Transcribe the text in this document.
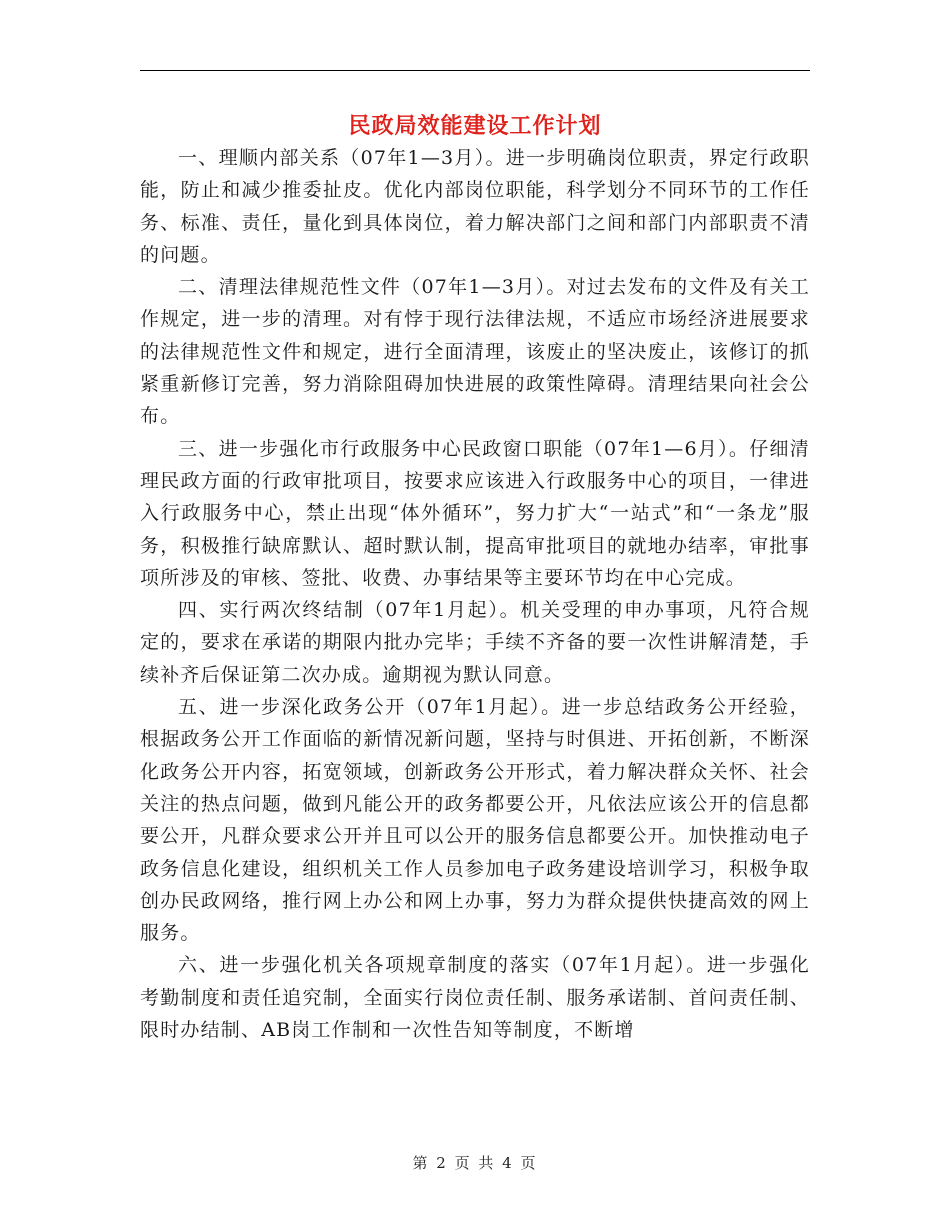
民政局效能建设工作计划

一、理顺内部关系（07年1—3月）。进一步明确岗位职责，界定行政职能，防止和减少推委扯皮。优化内部岗位职能，科学划分不同环节的工作任务、标准、责任，量化到具体岗位，着力解决部门之间和部门内部职责不清的问题。

二、清理法律规范性文件（07年1—3月）。对过去发布的文件及有关工作规定，进一步的清理。对有悖于现行法律法规，不适应市场经济进展要求的法律规范性文件和规定，进行全面清理，该废止的坚决废止，该修订的抓紧重新修订完善，努力消除阻碍加快进展的政策性障碍。清理结果向社会公布。

三、进一步强化市行政服务中心民政窗口职能（07年1—6月）。仔细清理民政方面的行政审批项目，按要求应该进入行政服务中心的项目，一律进入行政服务中心，禁止出现“体外循环”，努力扩大“一站式”和“一条龙”服务，积极推行缺席默认、超时默认制，提高审批项目的就地办结率，审批事项所涉及的审核、签批、收费、办事结果等主要环节均在中心完成。

四、实行两次终结制（07年1月起）。机关受理的申办事项，凡符合规定的，要求在承诺的期限内批办完毕；手续不齐备的要一次性讲解清楚，手续补齐后保证第二次办成。逾期视为默认同意。

五、进一步深化政务公开（07年1月起）。进一步总结政务公开经验，根据政务公开工作面临的新情况新问题，坚持与时俱进、开拓创新，不断深化政务公开内容，拓宽领域，创新政务公开形式，着力解决群众关怀、社会关注的热点问题，做到凡能公开的政务都要公开，凡依法应该公开的信息都要公开，凡群众要求公开并且可以公开的服务信息都要公开。加快推动电子政务信息化建设，组织机关工作人员参加电子政务建设培训学习，积极争取创办民政网络，推行网上办公和网上办事，努力为群众提供快捷高效的网上服务。

六、进一步强化机关各项规章制度的落实（07年1月起）。进一步强化考勤制度和责任追究制，全面实行岗位责任制、服务承诺制、首问责任制、限时办结制、AB岗工作制和一次性告知等制度，不断增

第 2 页 共 4 页
